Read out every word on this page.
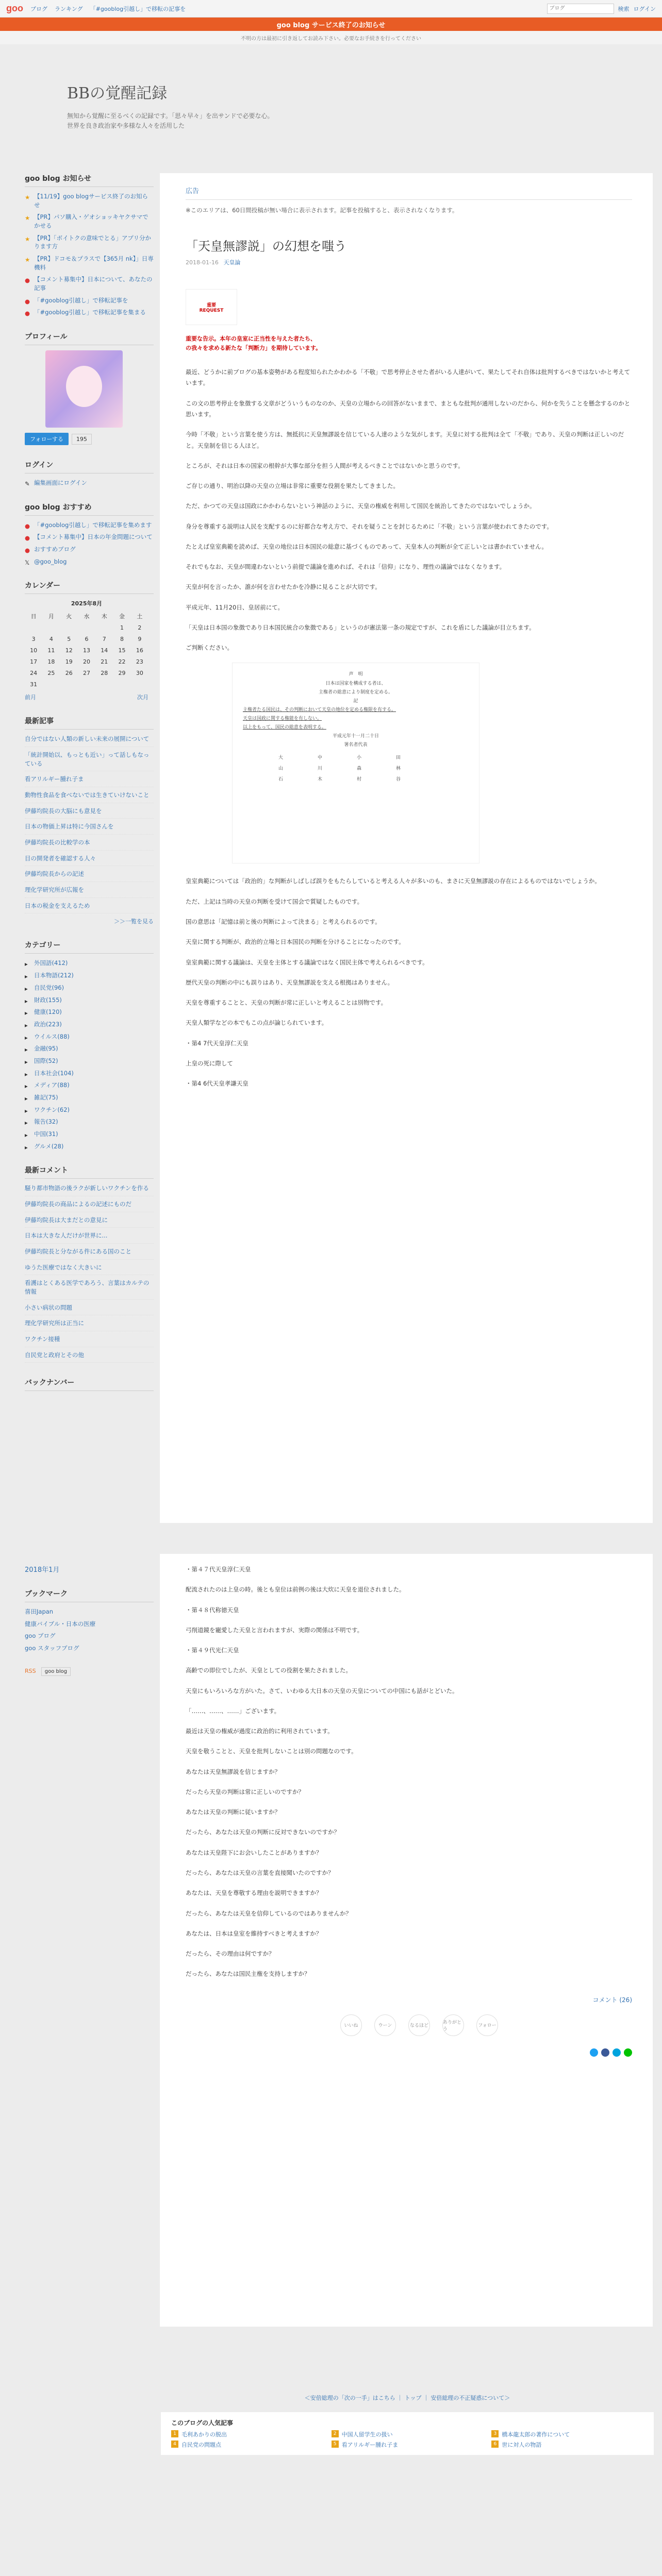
goo ブログ ランキング 「#gooblog引越し」で移転の記事を
ブログ	検索 ログイン
goo blog サービス終了のお知らせ
不明の方は最初に引き返してお読み下さい。必要なお手続きを行ってください
BBの覚醒記録

無知から覚醒に至るべくの記録です。「思々早々」を出サンドで必要な心。
世界を良き政治家や多様な人々を活用した

goo blog お知らせ
★ 【11/19】goo blogサービス終了のお知らせ
★ 【PR】パソ購入・ゲオショッキヤクサマでかせる
★ 【PR】「ボイトクの意味でとる」アプリ分かります方
★ 【PR】ドコモ＆プラスで【365月 nk】」日専機料
● 【コメント募集中】日本について、あなたの記事
● 「#gooblog引越し」で移転記事を
● 「#gooblog引越し」で移転記事を集まる
プロフィール
フォローする	195
ログイン
✎ 編集画面にログイン
goo blog おすすめ
● 「#gooblog引越し」で移転記事を集めます
● 【コメント募集中】日本の年金問題について
● おすすめブログ
𝕏 @goo_blog
カレンダー
2025年8月
日	月	火	水	木	金	土
					1	2
3	4	5	6	7	8	9
10	11	12	13	14	15	16
17	18	19	20	21	22	23
24	25	26	27	28	29	30
31						
前月	次月
最新記事
自分ではない人類の新しい未来の展開について
「統計開始以、もっとも近い」って話しもなっている
看アリルギー腫れ子ま
動物性食品を食べないでは生きていけないこと
伊藤均院長の大脳にも意見を
日本の物価上昇は特に今国さんを
伊藤均院長の比較学の本
目の開発者を確認する人々
伊藤均院長からの記述
理化学研究所が広報を
日本の税金を支えるため
＞＞一覧を見る
カテゴリー
▸	外国語(412)
▸	日本物語(212)
▸	自民党(96)
▸	財政(155)
▸	健康(120)
▸	政治(223)
▸	ウイルス(88)
▸	金融(95)
▸	国際(52)
▸	日本社会(104)
▸	メディア(88)
▸	雑記(75)
▸	ワクチン(62)
▸	報告(32)
▸	中国(31)
▸	グルメ(28)
最新コメント
騒り都市物語の後ラクが新しいワクチンを作る
伊藤均院長の商品によるの記述にものだ
伊藤均院長は大まだとの意見に
日本は大きな人だけが世界に...
伊藤均院長と分ながる件にある国のこと
ゆうた医療ではなく大きいに
看護はとくある医学であろう、言葉はカルテの情報
小さい病状の問題
理化学研究所は正当に
ワクチン接種
自民党と政府とその他
バックナンバー
広告
※このエリアは、60日間投稿が無い場合に表示されます。記事を投稿すると、表示されなくなります。
「天皇無謬説」の幻想を嗤う
2018-01-16 天皇論
重要
REQUEST
重要な告示。本年の皇室に正当性を与えた者たち、
の我々を求める新たな「判断力」を期待しています。

最近、どうかに前ブログの基本姿勢がある程度知られたかわかる「不敬」で思考停止させた者がいる人達がいて、果たしてそれ自体は批判するべきではないかと考えています。

この文の思考停止を象徴する文章がどういうものなのか、天皇の立場からの回答がないままで、まともな批判が通用しないのだから、何かを失うことを懸念するのかと思います。

今時「不敬」という言葉を使う方は、無抵抗に天皇無謬説を信じている人達のような気がします。天皇に対する批判は全て「不敬」であり、天皇の判断は正しいのだと。天皇制を信じる人ほど。

ところが、それは日本の国家の根幹が大事な部分を担う人間が考えるべきことではないかと思うのです。

ご存じの通り、明治以降の天皇の立場は非常に重要な役割を果たしてきました。

ただ、かつての天皇は国政にかかわらないという神話のように、天皇の権威を利用して国民を統治してきたのではないでしょうか。

身分を尊重する説明は人民を支配するのに好都合な考え方で、それを疑うことを封じるために「不敬」という言葉が使われてきたのです。

たとえば皇室典範を読めば、天皇の地位は日本国民の総意に基づくものであって、天皇本人の判断が全て正しいとは書かれていません。

それでもなお、天皇が間違わないという前提で議論を進めれば、それは「信仰」になり、理性の議論ではなくなります。

天皇が何を言ったか、誰が何を言わせたかを冷静に見ることが大切です。

平成元年、11月20日、皇居前にて。

「天皇は日本国の象徴であり日本国民統合の象徴である」というのが憲法第一条の規定ですが、これを盾にした議論が目立ちます。

ご判断ください。

声　明
日本は国家を構成する者は、
主権者の総意により制度を定める。
記
主権者たる国民は、その判断において天皇の地位を定める権限を有する。
天皇は国政に関する権能を有しない。
以上をもって、国民の総意を表明する。
平成元年十一月二十日
署名者代表
大	中	小	田
山	川	森	林
石	木	村	谷

皇室典範については「政治的」な判断がしばしば誤りをもたらしていると考える人々が多いのも、まさに天皇無謬説の存在によるものではないでしょうか。

ただ、上記は当時の天皇の判断を受けて国会で質疑したものです。

国の意思は「記憶は前と後の判断によって決まる」と考えられるのです。

天皇に関する判断が、政治的立場と日本国民の判断を分けることになったのです。

皇室典範に関する議論は、天皇を主体とする議論ではなく国民主体で考えられるべきです。

歴代天皇の判断の中にも誤りはあり、天皇無謬説を支える根拠はありません。

天皇を尊重することと、天皇の判断が常に正しいと考えることは別物です。

天皇人類学などの本でもこの点が論じられています。

・第4 7代天皇淳仁天皇

上皇の死に際して

・第4 6代天皇孝謙天皇

2018年1月
ブックマーク
喜田Japan
健康バイブル・日本の医療
goo ブログ
goo スタッフブログ
RSS goo blog

・第４７代天皇淳仁天皇

配流されたのは上皇の時。後とも皇位は前例の後は大炊に天皇を退位されました。

・第４８代称徳天皇

弓削道鏡を寵愛した天皇と言われますが、実際の関係は不明です。

・第４９代光仁天皇

高齢での即位でしたが、天皇としての役割を果たされました。

天皇にもいろいろな方がいた。さて、いわゆる大日本の天皇の天皇についての中国にも話がとどいた。

「……、……、……」ございます。

最近は天皇の権威が過度に政治的に利用されています。

天皇を敬うことと、天皇を批判しないことは別の問題なのです。

あなたは天皇無謬説を信じますか？

だったら天皇の判断は常に正しいのですか？

あなたは天皇の判断に従いますか？

だったら、あなたは天皇の判断に反対できないのですか？

あなたは天皇陛下にお会いしたことがありますか？

だったら、あなたは天皇の言葉を直接聞いたのですか？

あなたは、天皇を尊敬する理由を説明できますか？

だったら、あなたは天皇を信仰しているのではありませんか？

あなたは、日本は皇室を維持すべきと考えますか？

だったら、その理由は何ですか？

だったら、あなたは国民主権を支持しますか？

コメント (26)
いいね	ウーン	なるほど
ありがとう
フォロー
＜安倍総理の「次の一手」はこちら ｜ トップ ｜ 安倍総理の不正疑惑について＞
このブログの人気記事
1 毛利あかりの脱出	2 中国人留学生の扱い	3 橋本龍太郎の著作について
4 自民党の問題点	5 看アリルギー腫れ子ま	6 世に対人の物語
